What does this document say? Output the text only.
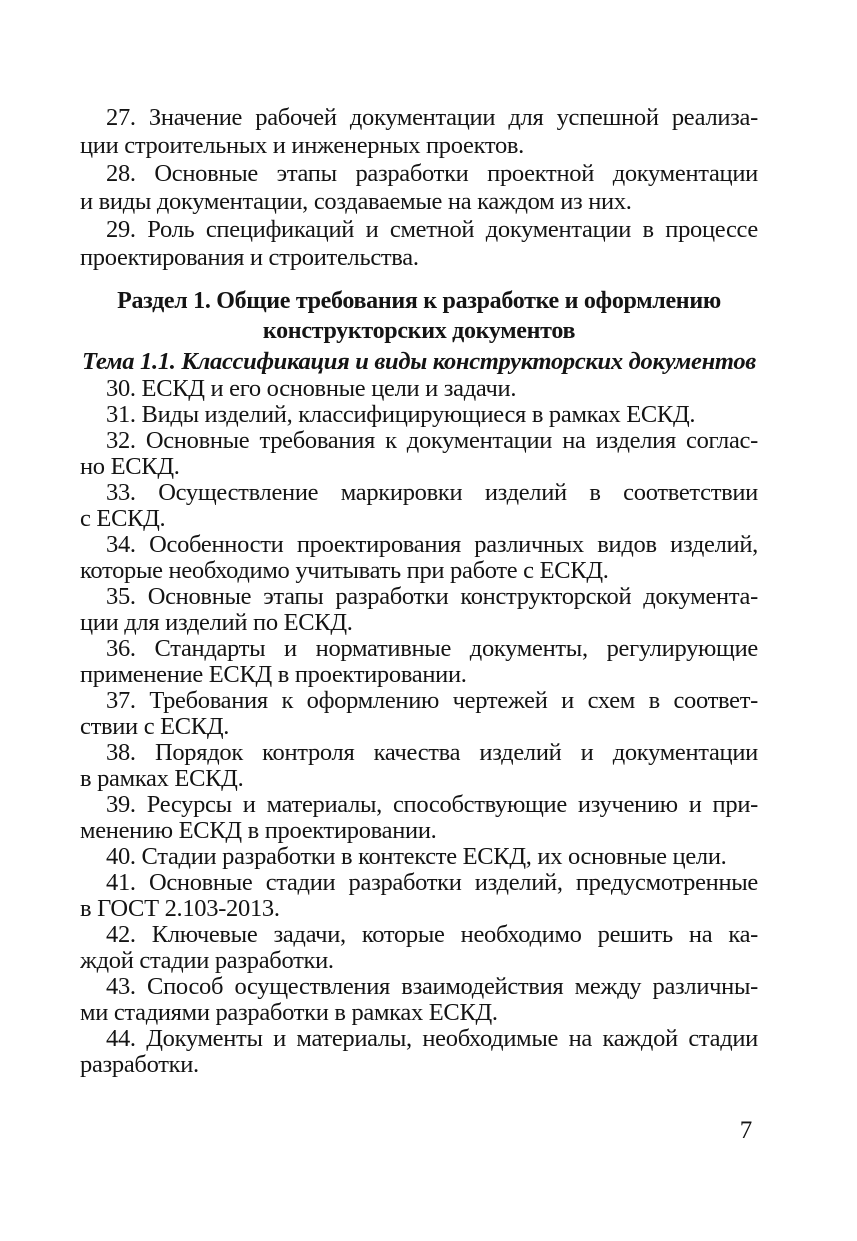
27. Значение рабочей документации для успешной реализа-
ции строительных и инженерных проектов.

28. Основные этапы разработки проектной документации
и виды документации, создаваемые на каждом из них.

29. Роль спецификаций и сметной документации в процессе
проектирования и строительства.

Раздел 1. Общие требования к разработке и оформлению
конструкторских документов
Тема 1.1. Классификация и виды конструкторских документов

30. ЕСКД и его основные цели и задачи.

31. Виды изделий, классифицирующиеся в рамках ЕСКД.

32. Основные требования к документации на изделия соглас-
но ЕСКД.

33. Осуществление маркировки изделий в соответствии
с ЕСКД.

34. Особенности проектирования различных видов изделий,
которые необходимо учитывать при работе с ЕСКД.

35. Основные этапы разработки конструкторской документа-
ции для изделий по ЕСКД.

36. Стандарты и нормативные документы, регулирующие
применение ЕСКД в проектировании.

37. Требования к оформлению чертежей и схем в соответ-
ствии с ЕСКД.

38. Порядок контроля качества изделий и документации
в рамках ЕСКД.

39. Ресурсы и материалы, способствующие изучению и при-
менению ЕСКД в проектировании.

40. Стадии разработки в контексте ЕСКД, их основные цели.

41. Основные стадии разработки изделий, предусмотренные
в ГОСТ 2.103-2013.

42. Ключевые задачи, которые необходимо решить на ка-
ждой стадии разработки.

43. Способ осуществления взаимодействия между различны-
ми стадиями разработки в рамках ЕСКД.

44. Документы и материалы, необходимые на каждой стадии
разработки.

7
